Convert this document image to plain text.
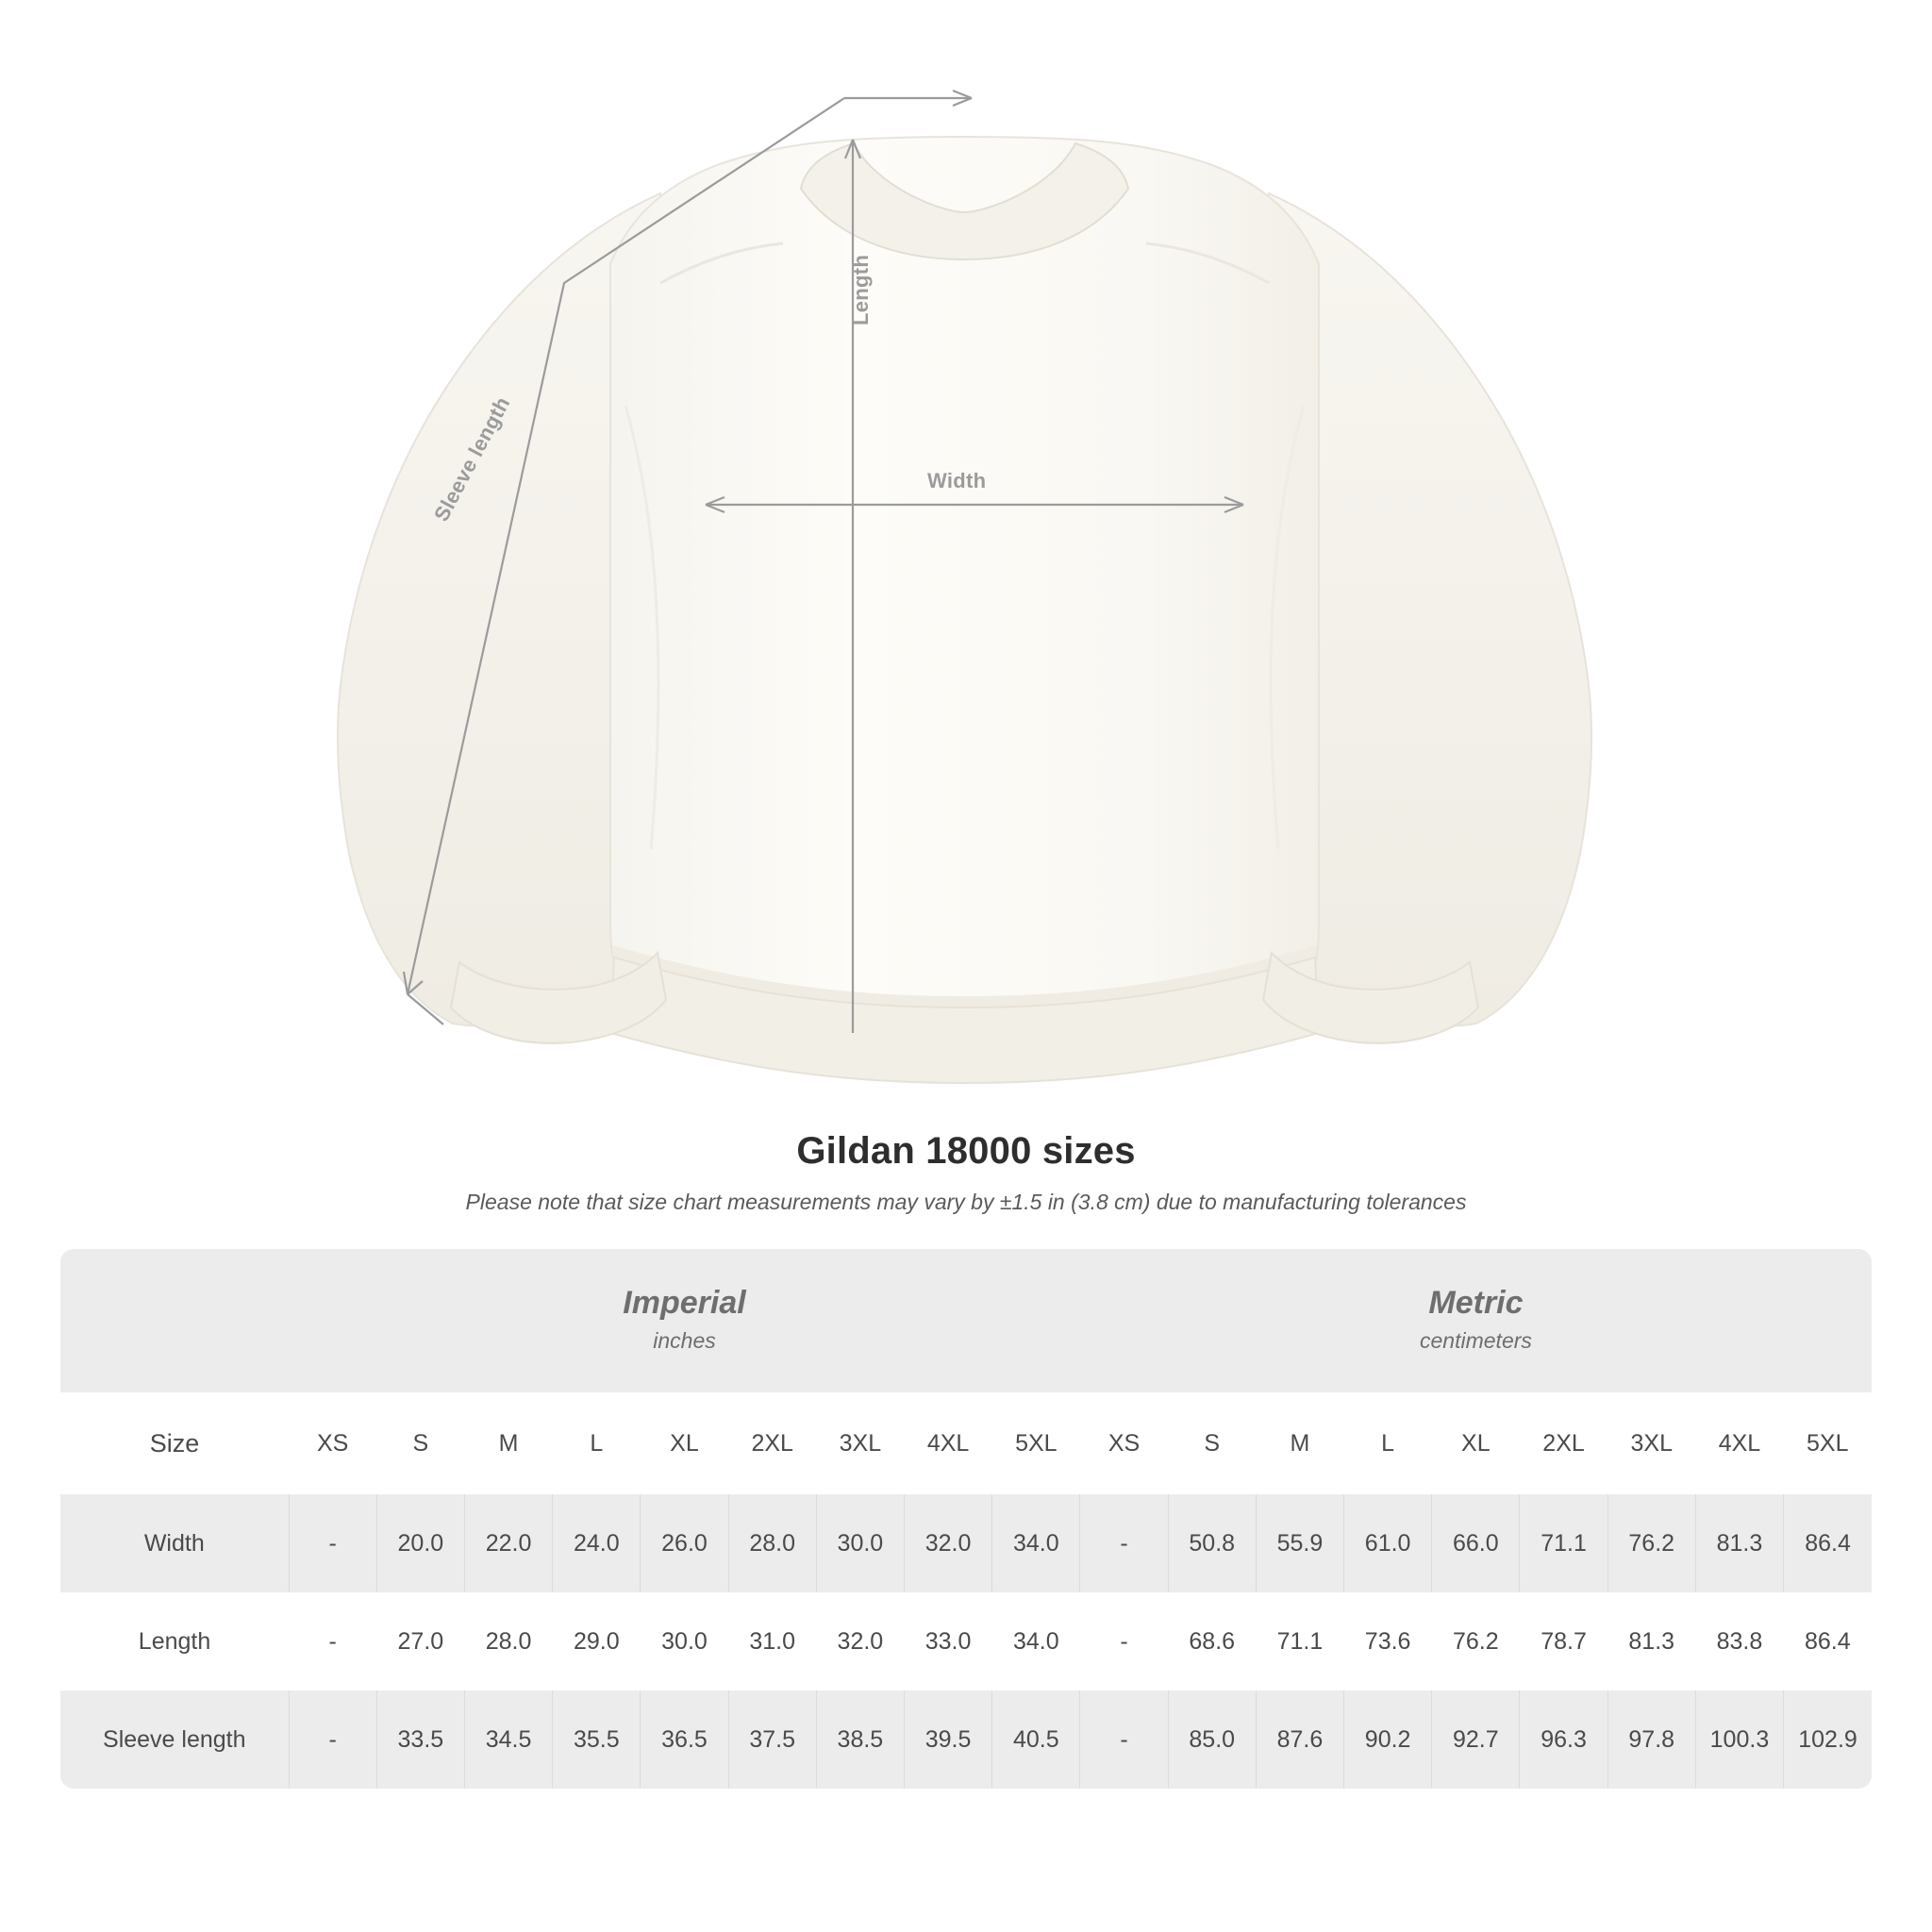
Width
Length
Sleeve length
Gildan 18000 sizes
Please note that size chart measurements may vary by ±1.5 in (3.8 cm) due to manufacturing tolerances

Imperial
inches

Metric
centimeters

Size	XS	S	M	L	XL	2XL	3XL	4XL	5XL	XS	S	M	L	XL	2XL	3XL	4XL	5XL
Width	-	20.0	22.0	24.0	26.0	28.0	30.0	32.0	34.0	-	50.8	55.9	61.0	66.0	71.1	76.2	81.3	86.4
Length	-	27.0	28.0	29.0	30.0	31.0	32.0	33.0	34.0	-	68.6	71.1	73.6	76.2	78.7	81.3	83.8	86.4
Sleeve length	-	33.5	34.5	35.5	36.5	37.5	38.5	39.5	40.5	-	85.0	87.6	90.2	92.7	96.3	97.8	100.3	102.9
